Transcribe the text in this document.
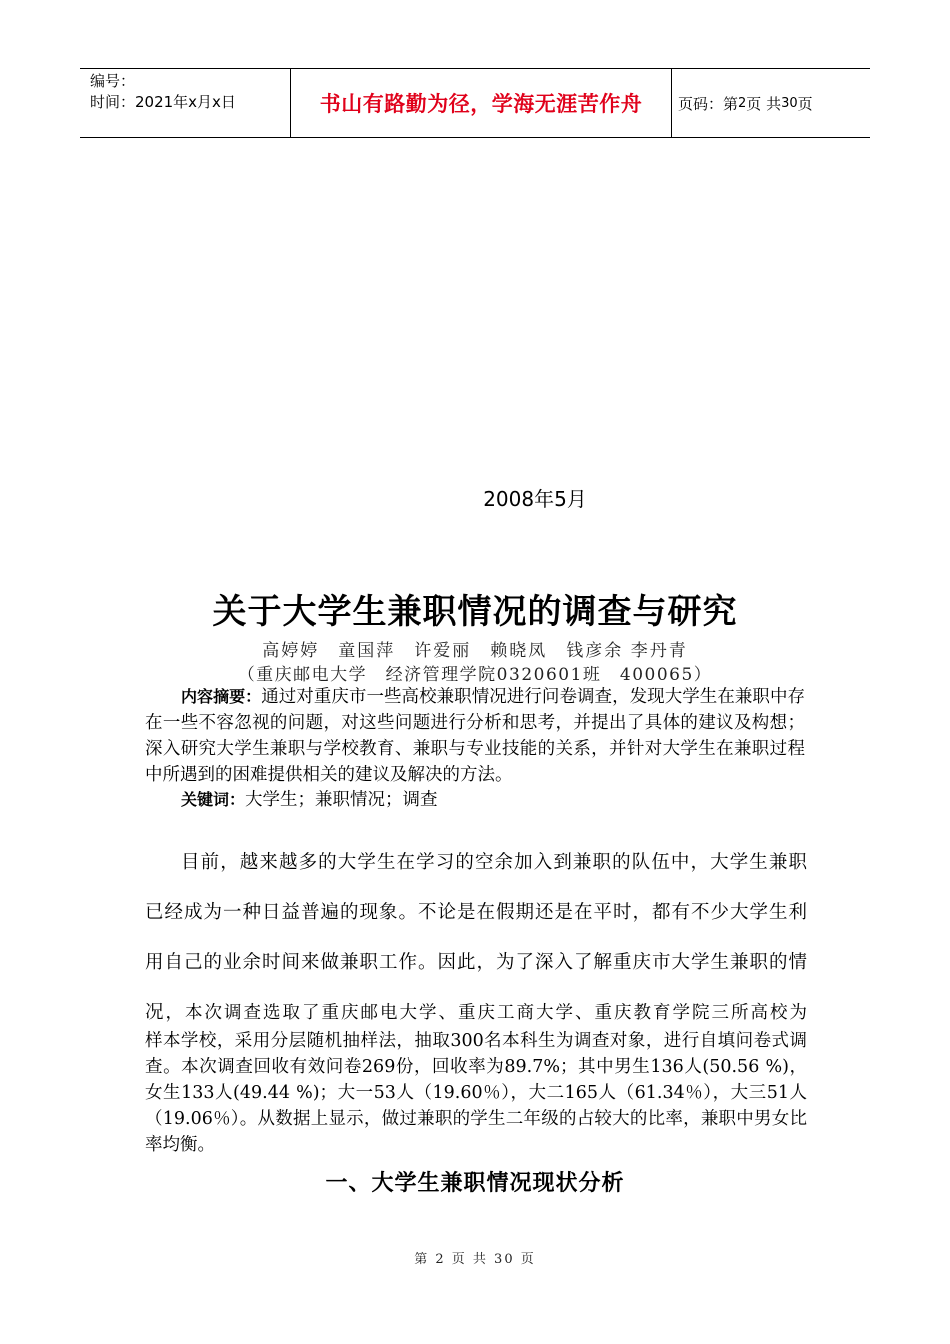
编号：
时间：2021年x月x日	书山有路勤为径，学海无涯苦作舟	页码：第 2 页 共 30 页
2008年5月
关于大学生兼职情况的调查与研究
高婷婷　童国萍　许爱丽　赖晓凤　钱彦余 李丹青
（重庆邮电大学　经济管理学院0320601班　400065）

内容摘要：通过对重庆市一些高校兼职情况进行问卷调查，发现大学生在兼职中存在一些不容忽视的问题，对这些问题进行分析和思考，并提出了具体的建议及构想；深入研究大学生兼职与学校教育、兼职与专业技能的关系，并针对大学生在兼职过程中所遇到的困难提供相关的建议及解决的方法。

关键词：大学生；兼职情况；调查

目前，越来越多的大学生在学习的空余加入到兼职的队伍中，大学生兼职
已经成为一种日益普遍的现象。不论是在假期还是在平时，都有不少大学生利
用自己的业余时间来做兼职工作。因此，为了深入了解重庆市大学生兼职的情
况，本次调查选取了重庆邮电大学、重庆工商大学、重庆教育学院三所高校为

样本学校，采用分层随机抽样法，抽取300名本科生为调查对象，进行自填问卷式调查。本次调查回收有效问卷269份，回收率为89.7%；其中男生136人(50.56 %)，女生133人(49.44 %)；大一53人（19.60％），大二165人（61.34％），大三51人（19.06％）。从数据上显示，做过兼职的学生二年级的占较大的比率，兼职中男女比率均衡。

一、大学生兼职情况现状分析
第 2 页 共 30 页
